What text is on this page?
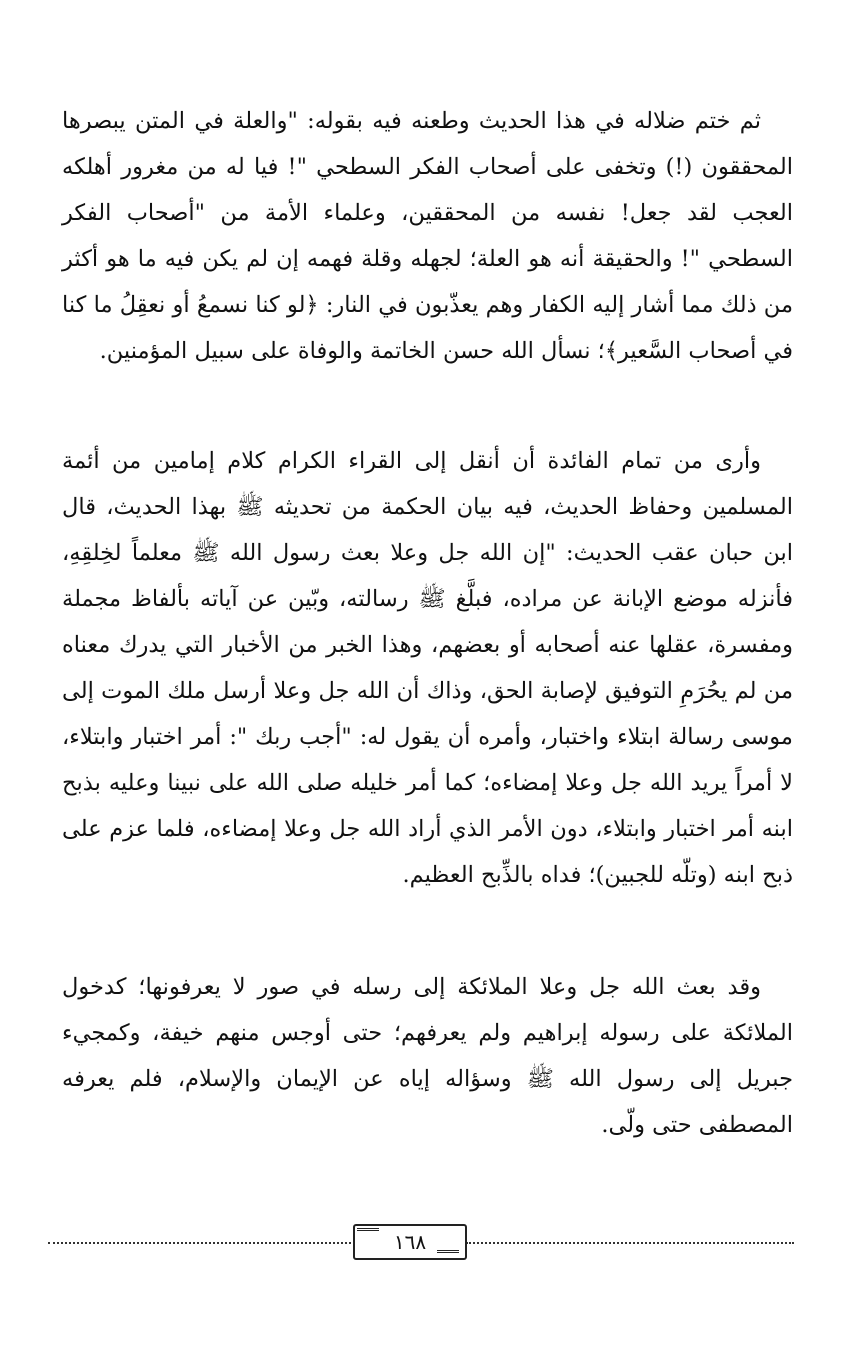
ثم ختم ضلاله في هذا الحديث وطعنه فيه بقوله: "والعلة في المتن يبصرها المحققون (!) وتخفى على أصحاب الفكر السطحي "! فيا له من مغرور أهلكه العجب لقد جعل! نفسه من المحققين، وعلماء الأمة من "أصحاب الفكر السطحي "! والحقيقة أنه هو العلة؛ لجهله وقلة فهمه إن لم يكن فيه ما هو أكثر من ذلك مما أشار إليه الكفار وهم يعذّبون في النار: ﴿لو كنا نسمعُ أو نعقِلُ ما كنا في أصحاب السَّعير﴾؛ نسأل الله حسن الخاتمة والوفاة على سبيل المؤمنين.
وأرى من تمام الفائدة أن أنقل إلى القراء الكرام كلام إمامين من أئمة المسلمين وحفاظ الحديث، فيه بيان الحكمة من تحديثه ﷺ بهذا الحديث، قال ابن حبان عقب الحديث: "إن الله جل وعلا بعث رسول الله ﷺ معلماً لخِلقِهِ، فأنزله موضع الإبانة عن مراده، فبلَّغ ﷺ رسالته، وبّين عن آياته بألفاظ مجملة ومفسرة، عقلها عنه أصحابه أو بعضهم، وهذا الخبر من الأخبار التي يدرك معناه من لم يحُرَمِ التوفيق لإصابة الحق، وذاك أن الله جل وعلا أرسل ملك الموت إلى موسى رسالة ابتلاء واختبار، وأمره أن يقول له: "أجب ربك ": أمر اختبار وابتلاء، لا أمراً يريد الله جل وعلا إمضاءه؛ كما أمر خليله صلى الله على نبينا وعليه بذبح ابنه أمر اختبار وابتلاء، دون الأمر الذي أراد الله جل وعلا إمضاءه، فلما عزم على ذبح ابنه (وتلّه للجبين)؛ فداه بالذِّبح العظيم.
وقد بعث الله جل وعلا الملائكة إلى رسله في صور لا يعرفونها؛ كدخول الملائكة على رسوله إبراهيم ولم يعرفهم؛ حتى أوجس منهم خيفة، وكمجيء جبريل إلى رسول الله ﷺ وسؤاله إياه عن الإيمان والإسلام، فلم يعرفه المصطفى حتى ولّى.
١٦٨
